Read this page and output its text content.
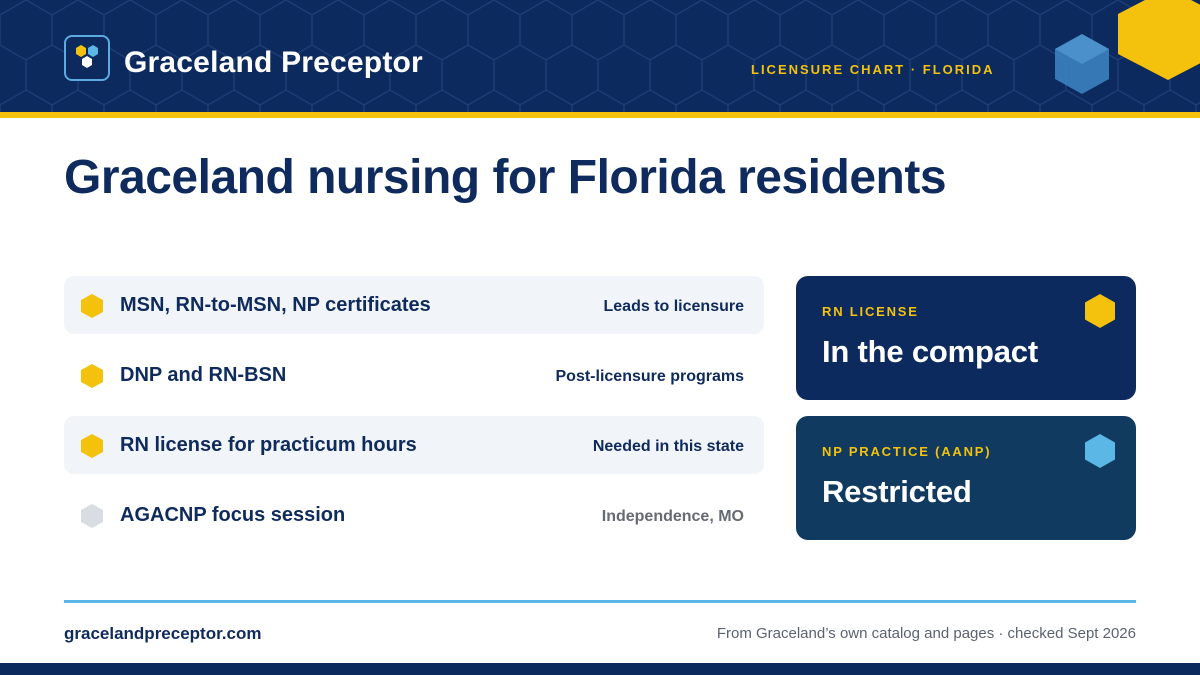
Graceland Preceptor	LICENSURE CHART · FLORIDA
Graceland nursing for Florida residents
MSN, RN-to-MSN, NP certificates	Leads to licensure
DNP and RN-BSN	Post-licensure programs
RN license for practicum hours	Needed in this state
AGACNP focus session	Independence, MO
RN LICENSE
In the compact
NP PRACTICE (AANP)
Restricted
gracelandpreceptor.com	From Graceland’s own catalog and pages · checked Sept 2026
